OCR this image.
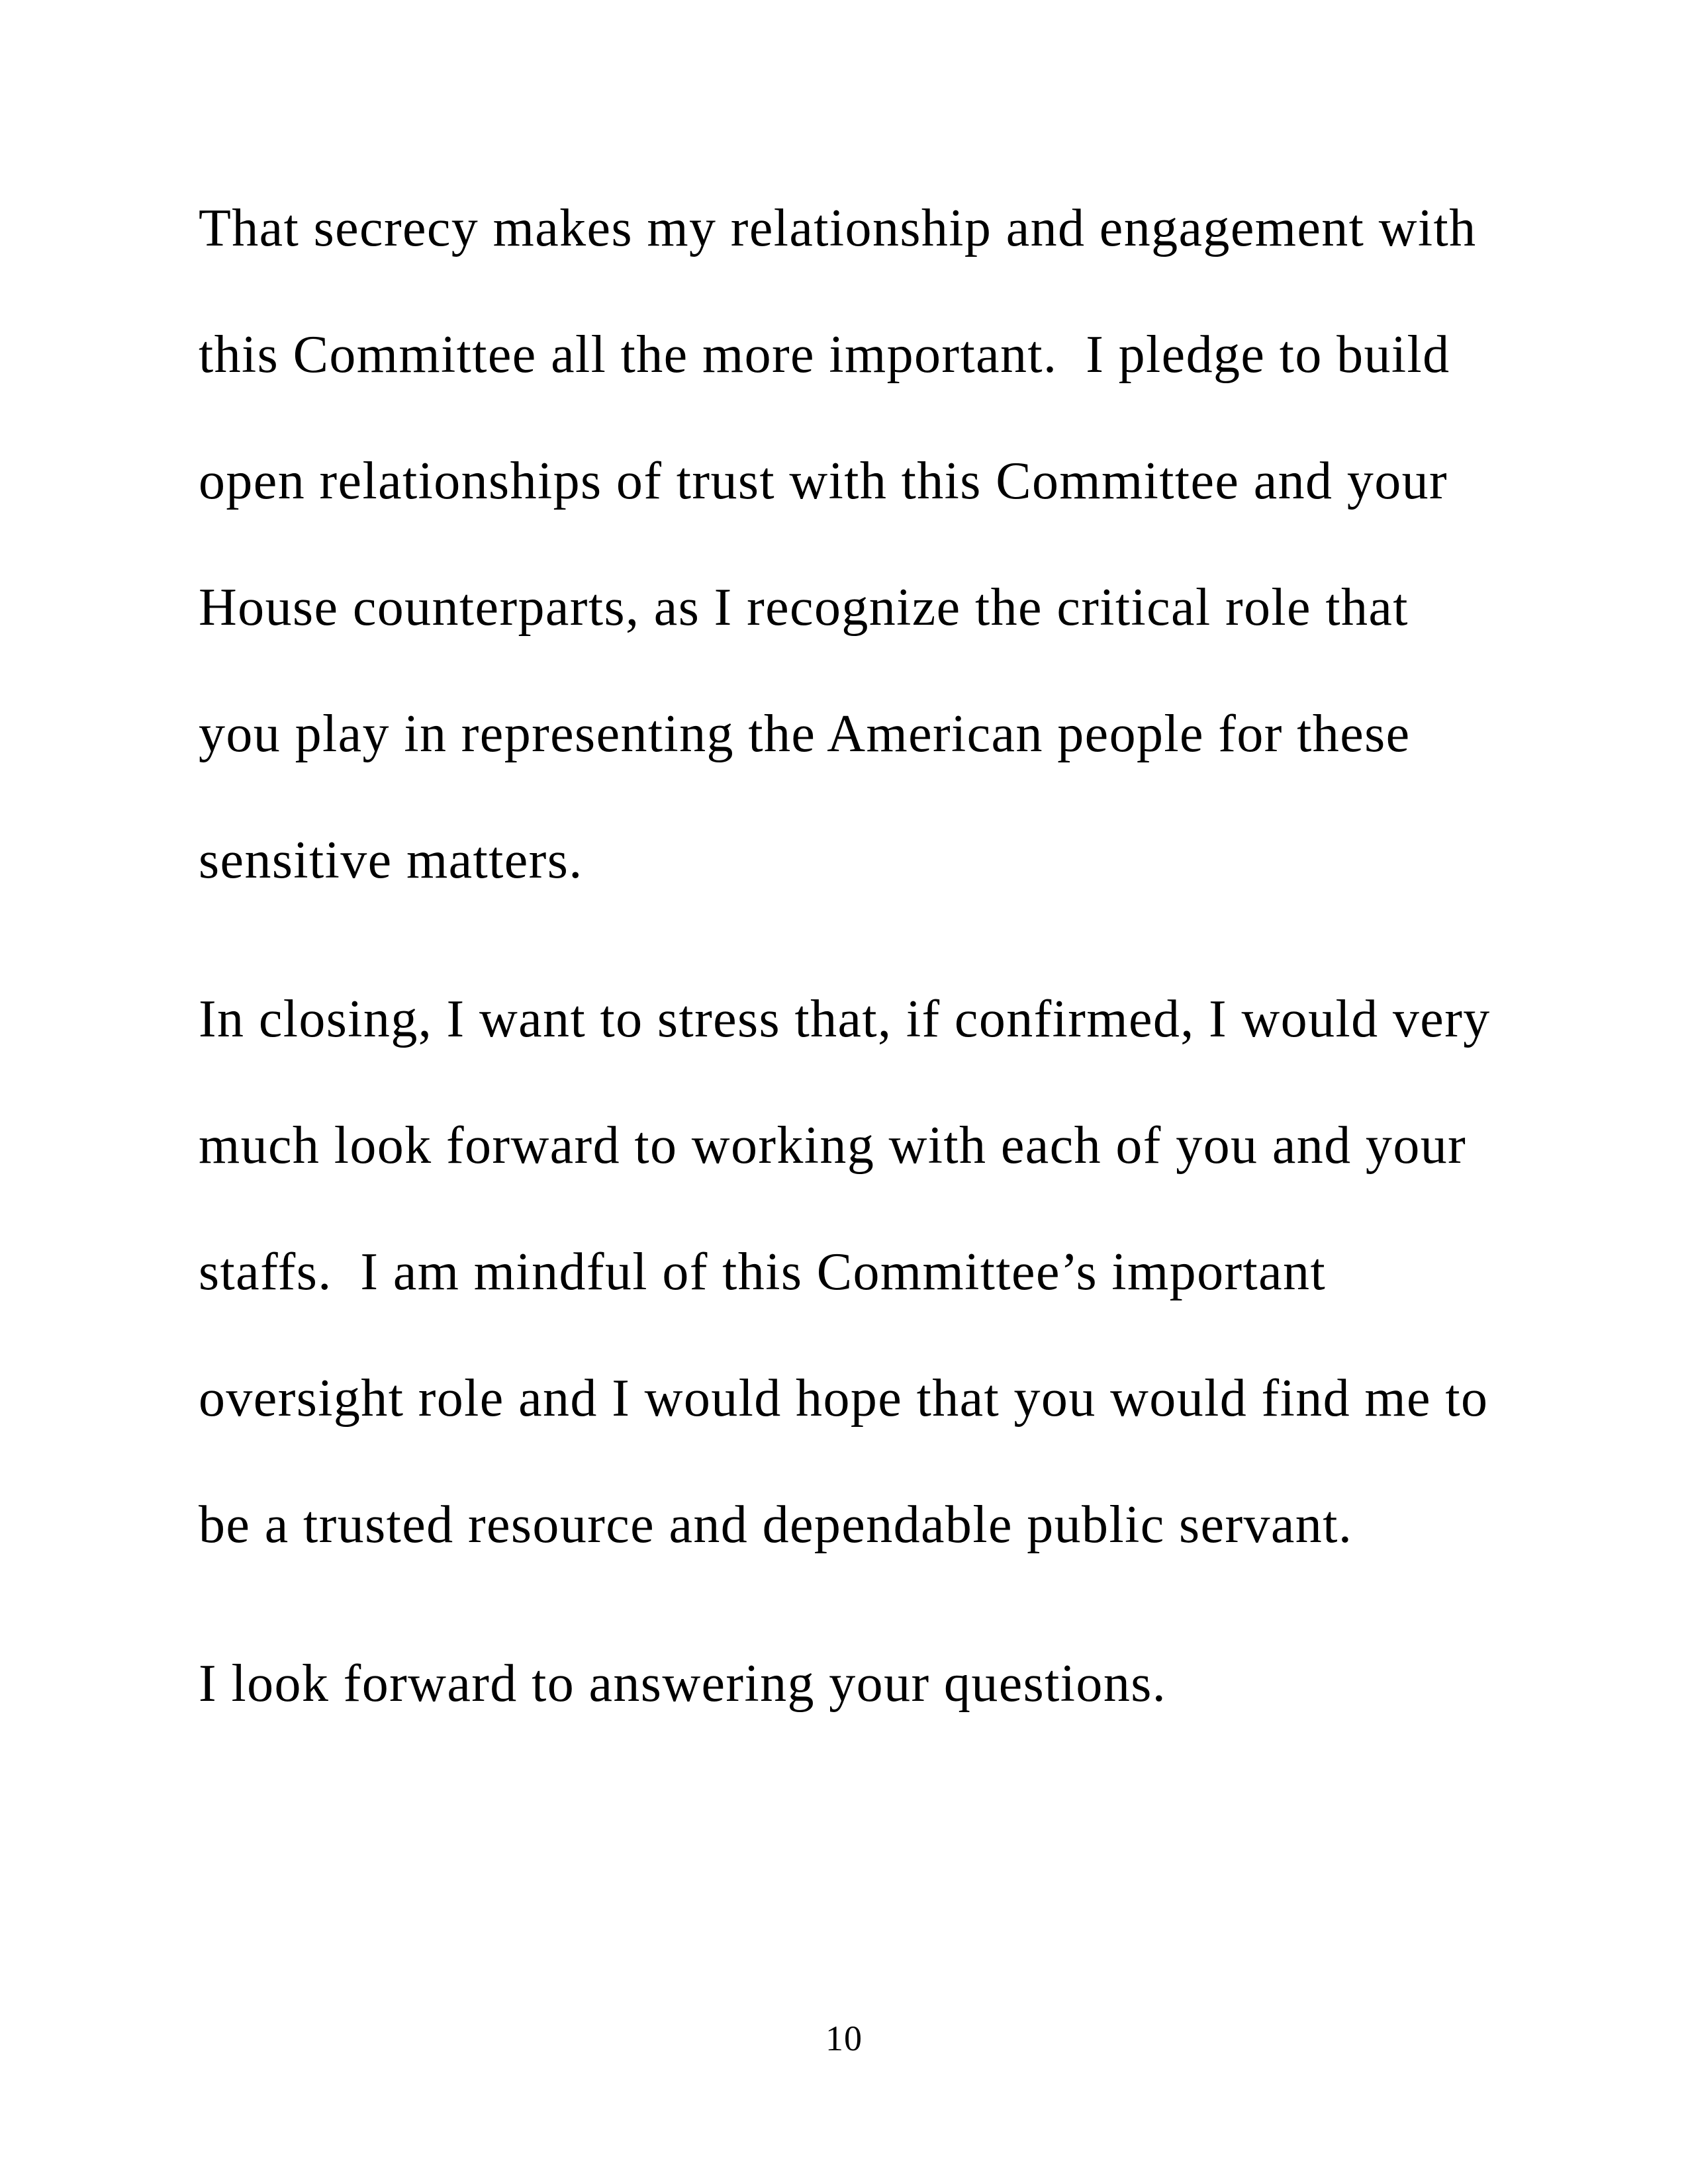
That secrecy makes my relationship and engagement with
this Committee all the more important.  I pledge to build
open relationships of trust with this Committee and your
House counterparts, as I recognize the critical role that
you play in representing the American people for these
sensitive matters.
In closing, I want to stress that, if confirmed, I would very
much look forward to working with each of you and your
staffs.  I am mindful of this Committee’s important
oversight role and I would hope that you would find me to
be a trusted resource and dependable public servant.
I look forward to answering your questions.
10
